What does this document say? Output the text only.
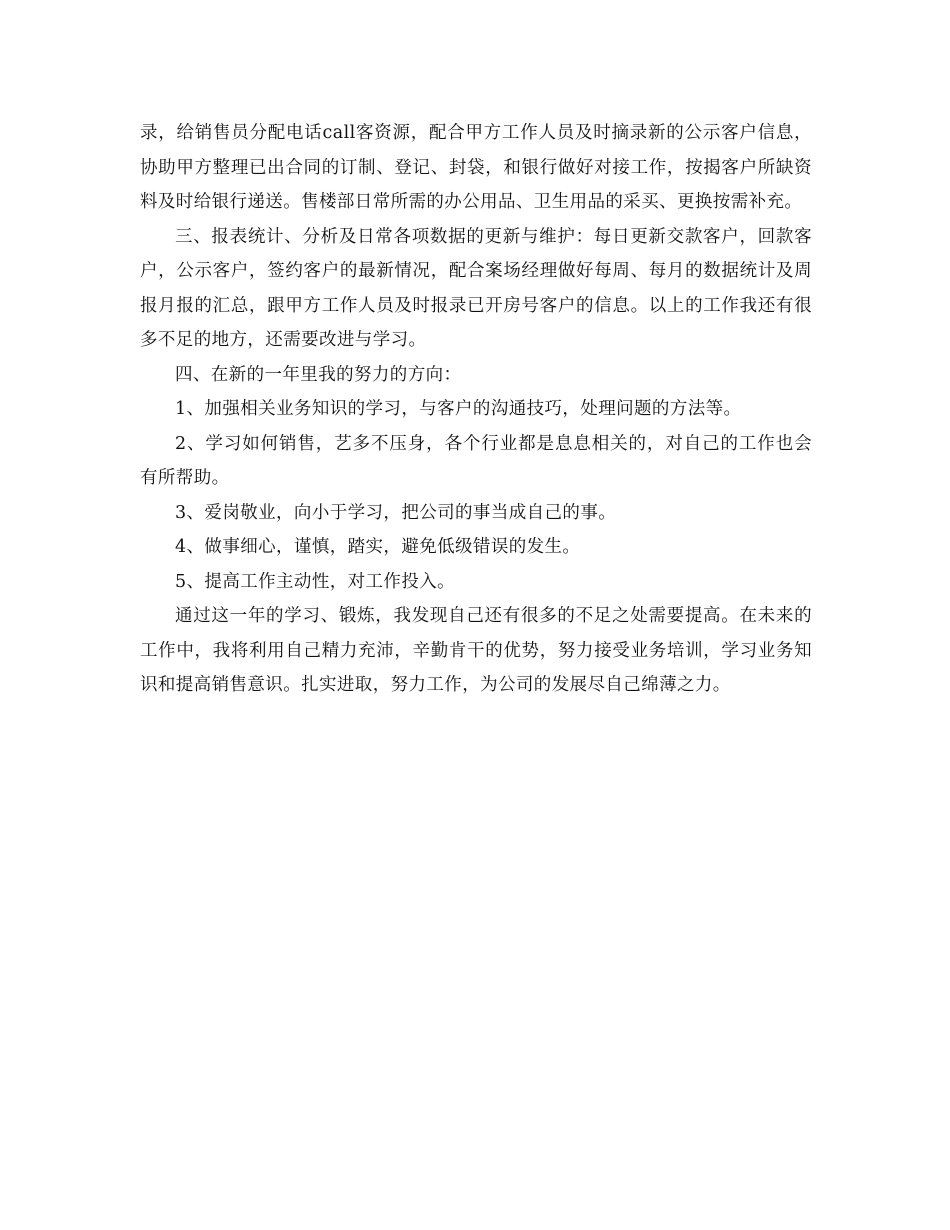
录，给销售员分配电话call客资源，配合甲方工作人员及时摘录新的公示客户信息，协助甲方整理已出合同的订制、登记、封袋，和银行做好对接工作，按揭客户所缺资料及时给银行递送。售楼部日常所需的办公用品、卫生用品的采买、更换按需补充。

三、报表统计、分析及日常各项数据的更新与维护：每日更新交款客户，回款客户，公示客户，签约客户的最新情况，配合案场经理做好每周、每月的数据统计及周报月报的汇总，跟甲方工作人员及时报录已开房号客户的信息。以上的工作我还有很多不足的地方，还需要改进与学习。

四、在新的一年里我的努力的方向：

1、加强相关业务知识的学习，与客户的沟通技巧，处理问题的方法等。

2、学习如何销售，艺多不压身，各个行业都是息息相关的，对自己的工作也会有所帮助。

3、爱岗敬业，向小于学习，把公司的事当成自己的事。

4、做事细心，谨慎，踏实，避免低级错误的发生。

5、提高工作主动性，对工作投入。

通过这一年的学习、锻炼，我发现自己还有很多的不足之处需要提高。在未来的工作中，我将利用自己精力充沛，辛勤肯干的优势，努力接受业务培训，学习业务知识和提高销售意识。扎实进取，努力工作，为公司的发展尽自己绵薄之力。
